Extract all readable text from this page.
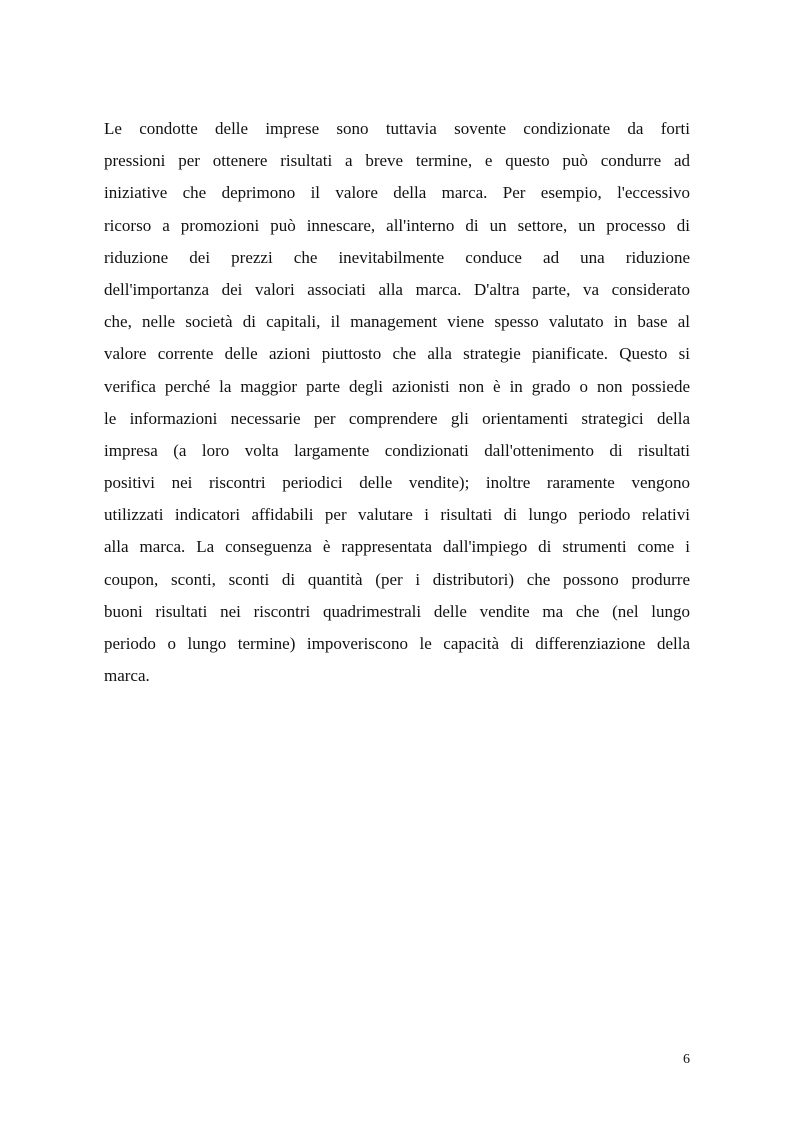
Le condotte delle imprese sono tuttavia sovente condizionate da forti
pressioni per ottenere risultati a breve termine, e questo può condurre ad
iniziative che deprimono il valore della marca. Per esempio, l'eccessivo
ricorso a promozioni può innescare, all'interno di un settore, un processo di
riduzione dei prezzi che inevitabilmente conduce ad una riduzione
dell'importanza dei valori associati alla marca. D'altra parte, va considerato
che, nelle società di capitali, il management viene spesso valutato in base al
valore corrente delle azioni piuttosto che alla strategie pianificate. Questo si
verifica perché la maggior parte degli azionisti non è in grado o non possiede
le informazioni necessarie per comprendere gli orientamenti strategici della
impresa (a loro volta largamente condizionati dall'ottenimento di risultati
positivi nei riscontri periodici delle vendite); inoltre raramente vengono
utilizzati indicatori affidabili per valutare i risultati di lungo periodo relativi
alla marca. La conseguenza è rappresentata dall'impiego di strumenti come i
coupon, sconti, sconti di quantità (per i distributori) che possono produrre
buoni risultati nei riscontri quadrimestrali delle vendite ma che (nel lungo
periodo o lungo termine) impoveriscono le capacità di differenziazione della
marca.
6
